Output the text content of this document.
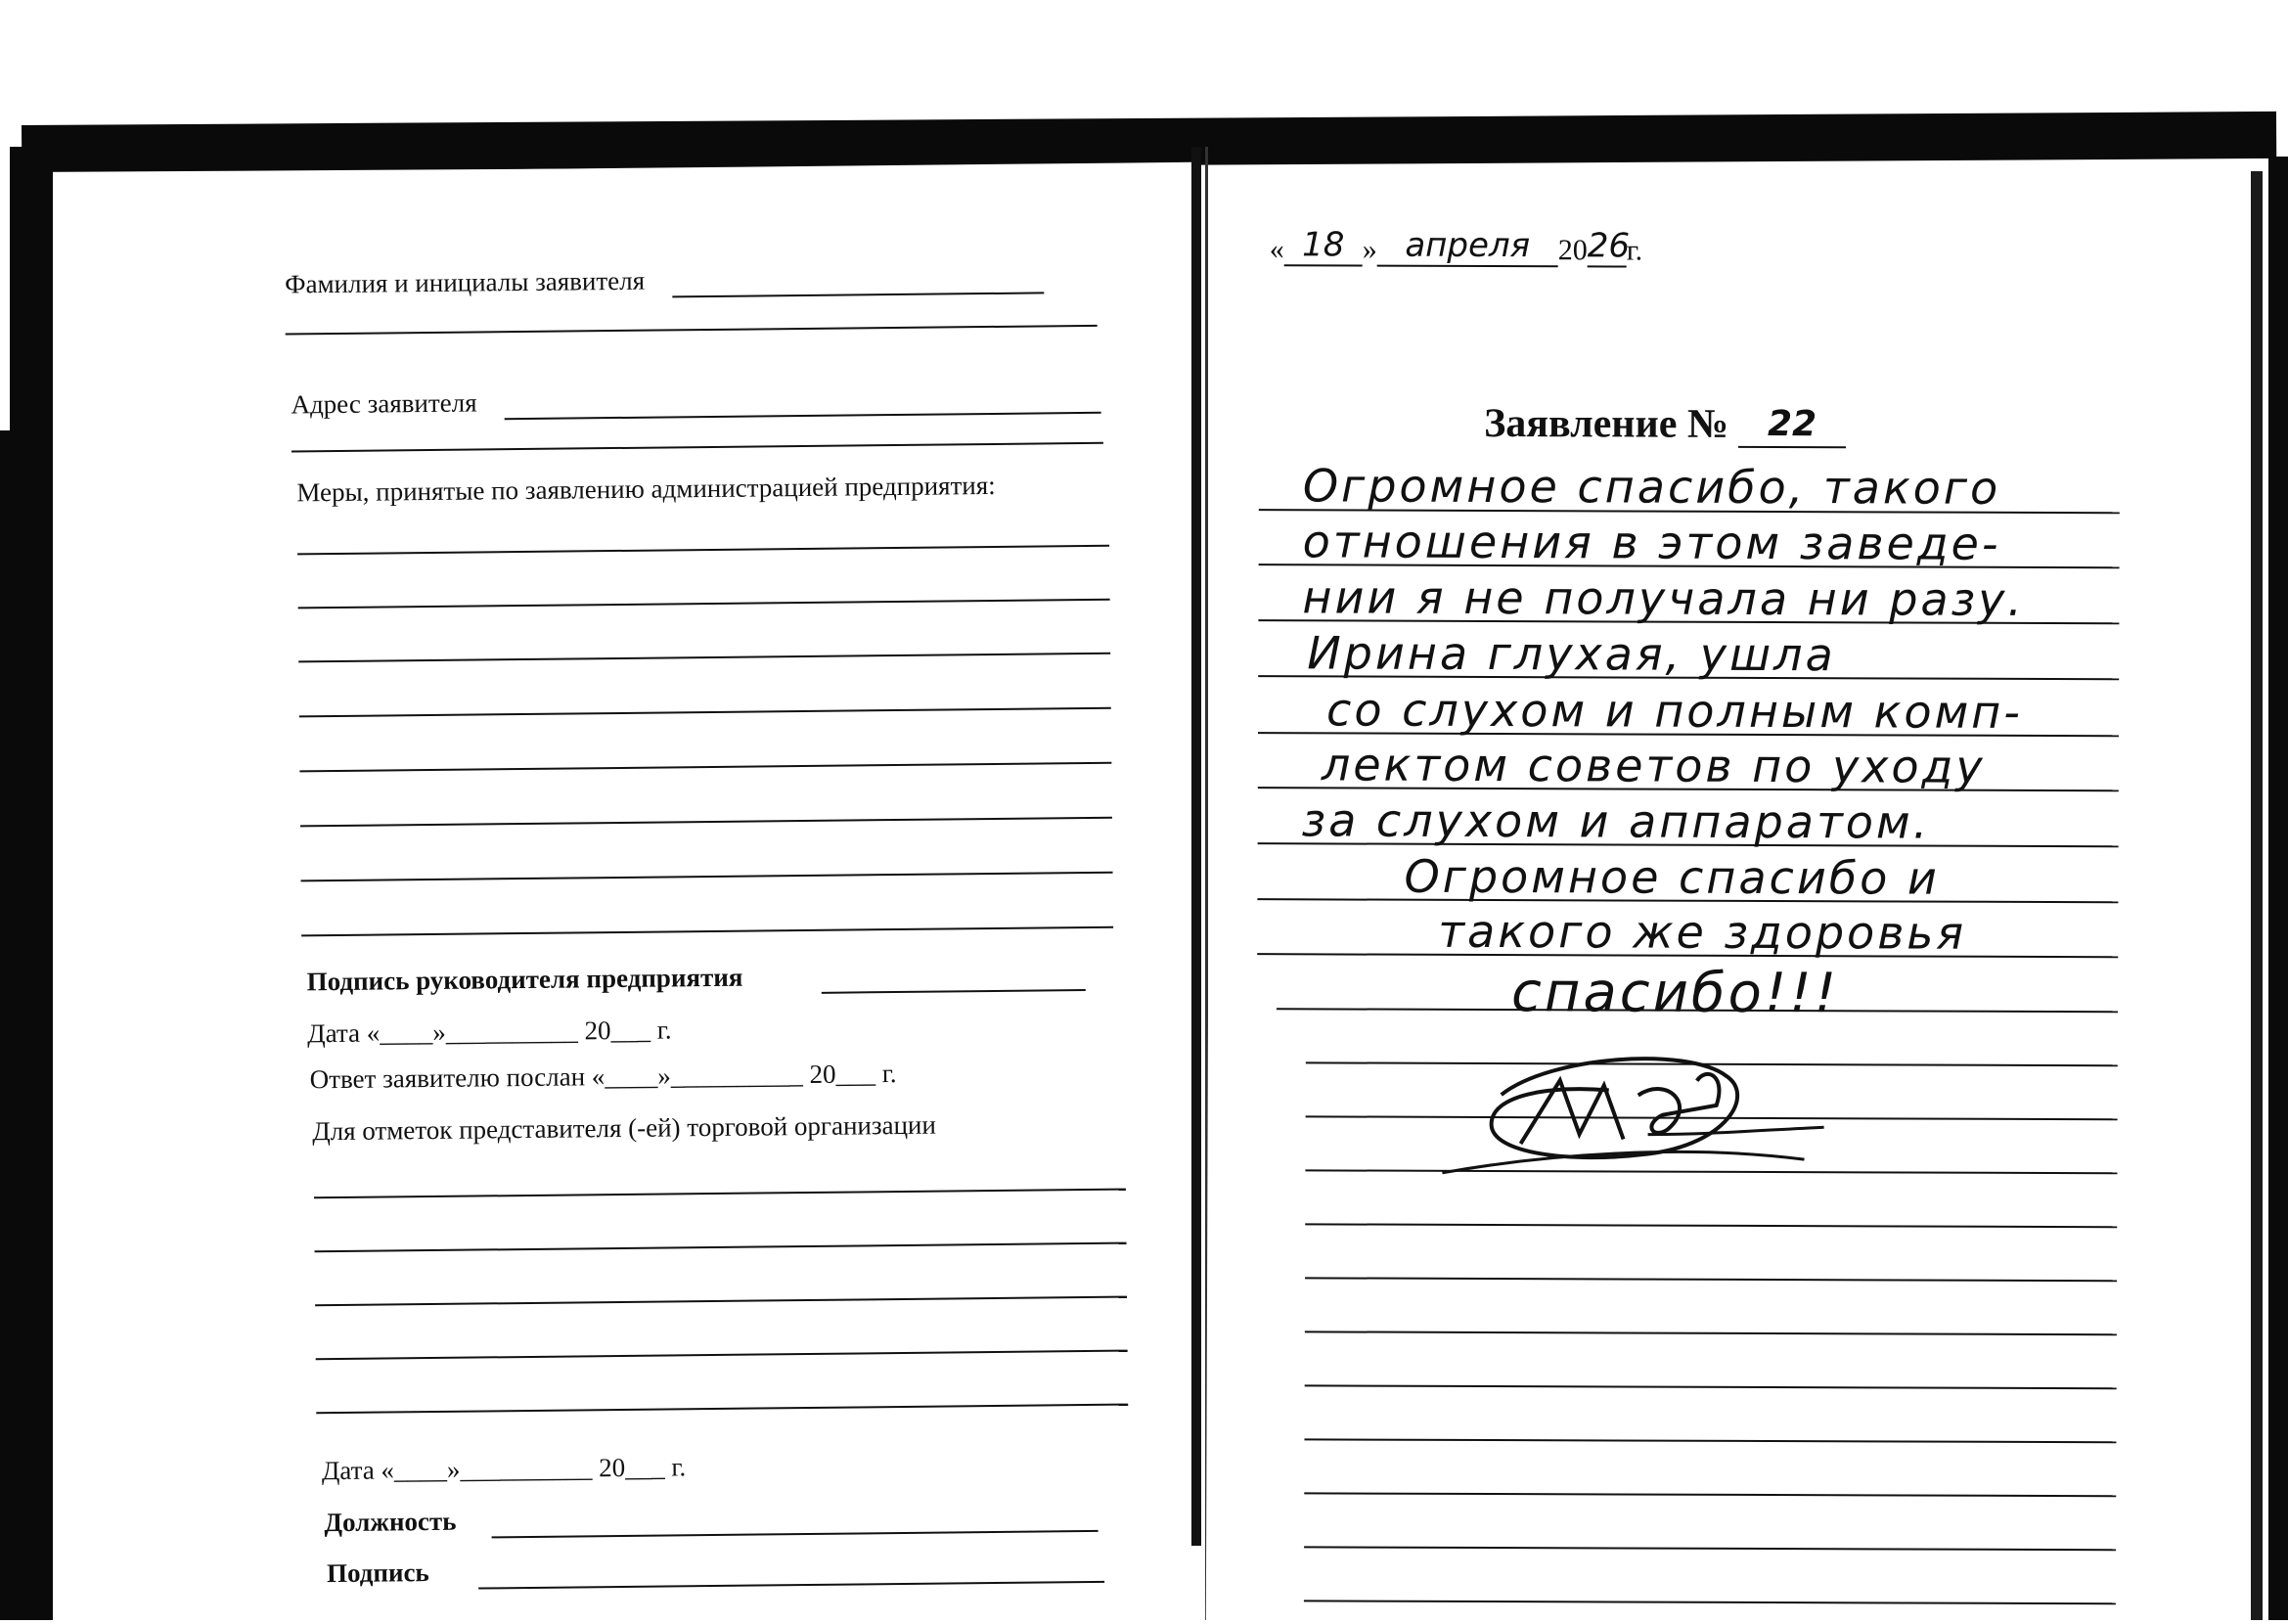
Фамилия и инициалы заявителя
Адрес заявителя
Меры, принятые по заявлению администрацией предприятия:
Подпись руководителя предприятия
Дата «____»__________ 20___ г.
Ответ заявителю послан «____»__________ 20___ г.
Для отметок представителя (-ей) торговой организации
Дата «____»__________ 20___ г.
Должность
Подпись
« 18 » апреля 20 26
г.
Заявление №	22
Огромное спасибо, такого
отношения в этом заведе-
нии я не получала ни разу.
Ирина глухая, ушла
со слухом и полным комп-
лектом советов по уходу
за слухом и аппаратом.
Огромное спасибо и
такого же здоровья
спасибо!!!
